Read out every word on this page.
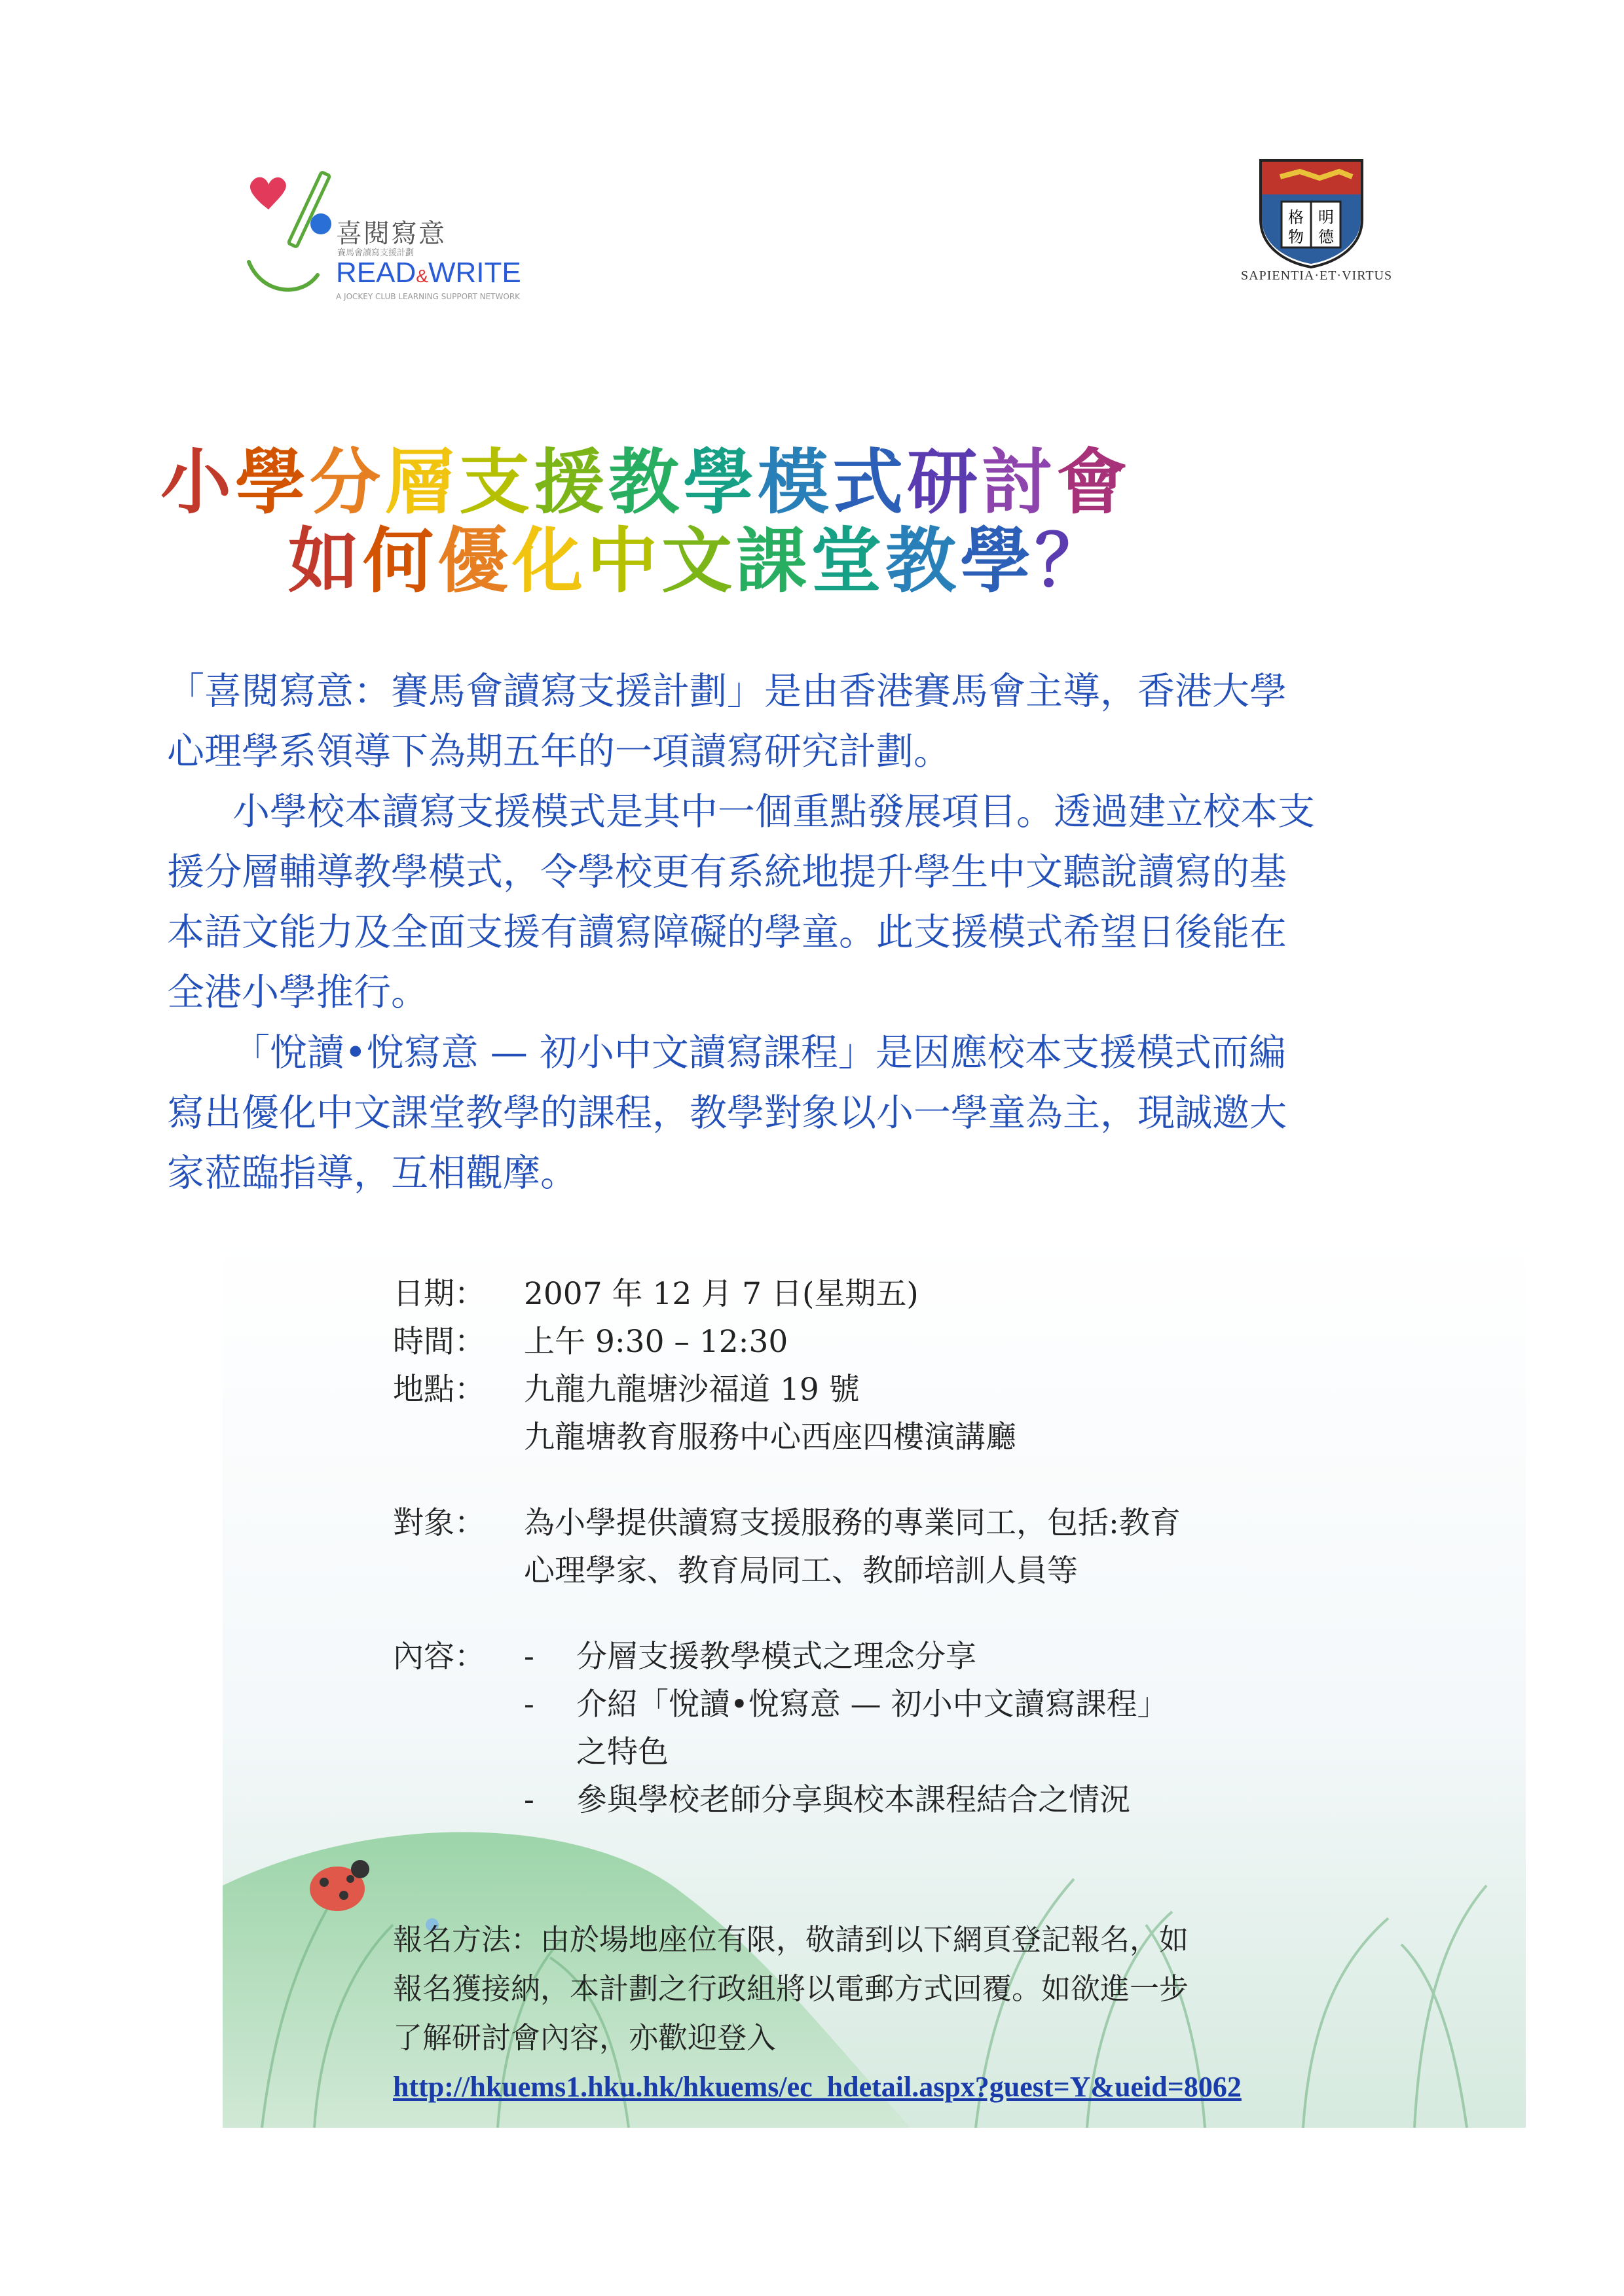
喜閱寫意
賽馬會讀寫支援計劃
READ&WRITE
A JOCKEY CLUB LEARNING SUPPORT NETWORK
格 明
物 德
SAPIENTIA·ET·VIRTUS
小學分層支援教學模式研討會
如何優化中文課堂教學？
「喜閱寫意：賽馬會讀寫支援計劃」是由香港賽馬會主導，香港大學
心理學系領導下為期五年的一項讀寫研究計劃。
小學校本讀寫支援模式是其中一個重點發展項目。透過建立校本支
援分層輔導教學模式，令學校更有系統地提升學生中文聽說讀寫的基
本語文能力及全面支援有讀寫障礙的學童。此支援模式希望日後能在
全港小學推行。
「悅讀•悅寫意 — 初小中文讀寫課程」是因應校本支援模式而編
寫出優化中文課堂教學的課程，教學對象以小一學童為主，現誠邀大
家蒞臨指導，互相觀摩。
日期：	2007 年 12 月 7 日(星期五)
時間：	上午 9:30 – 12:30
地點：	九龍九龍塘沙福道 19 號
九龍塘教育服務中心西座四樓演講廳
對象：	為小學提供讀寫支援服務的專業同工，包括:教育
心理學家、教育局同工、教師培訓人員等
內容：	-	分層支援教學模式之理念分享
-	介紹「悅讀•悅寫意 — 初小中文讀寫課程」
之特色
-	參與學校老師分享與校本課程結合之情況
報名方法：由於場地座位有限，敬請到以下網頁登記報名，如
報名獲接納，本計劃之行政組將以電郵方式回覆。如欲進一步
了解研討會內容，亦歡迎登入
http://hkuems1.hku.hk/hkuems/ec_hdetail.aspx?guest=Y&ueid=8062
